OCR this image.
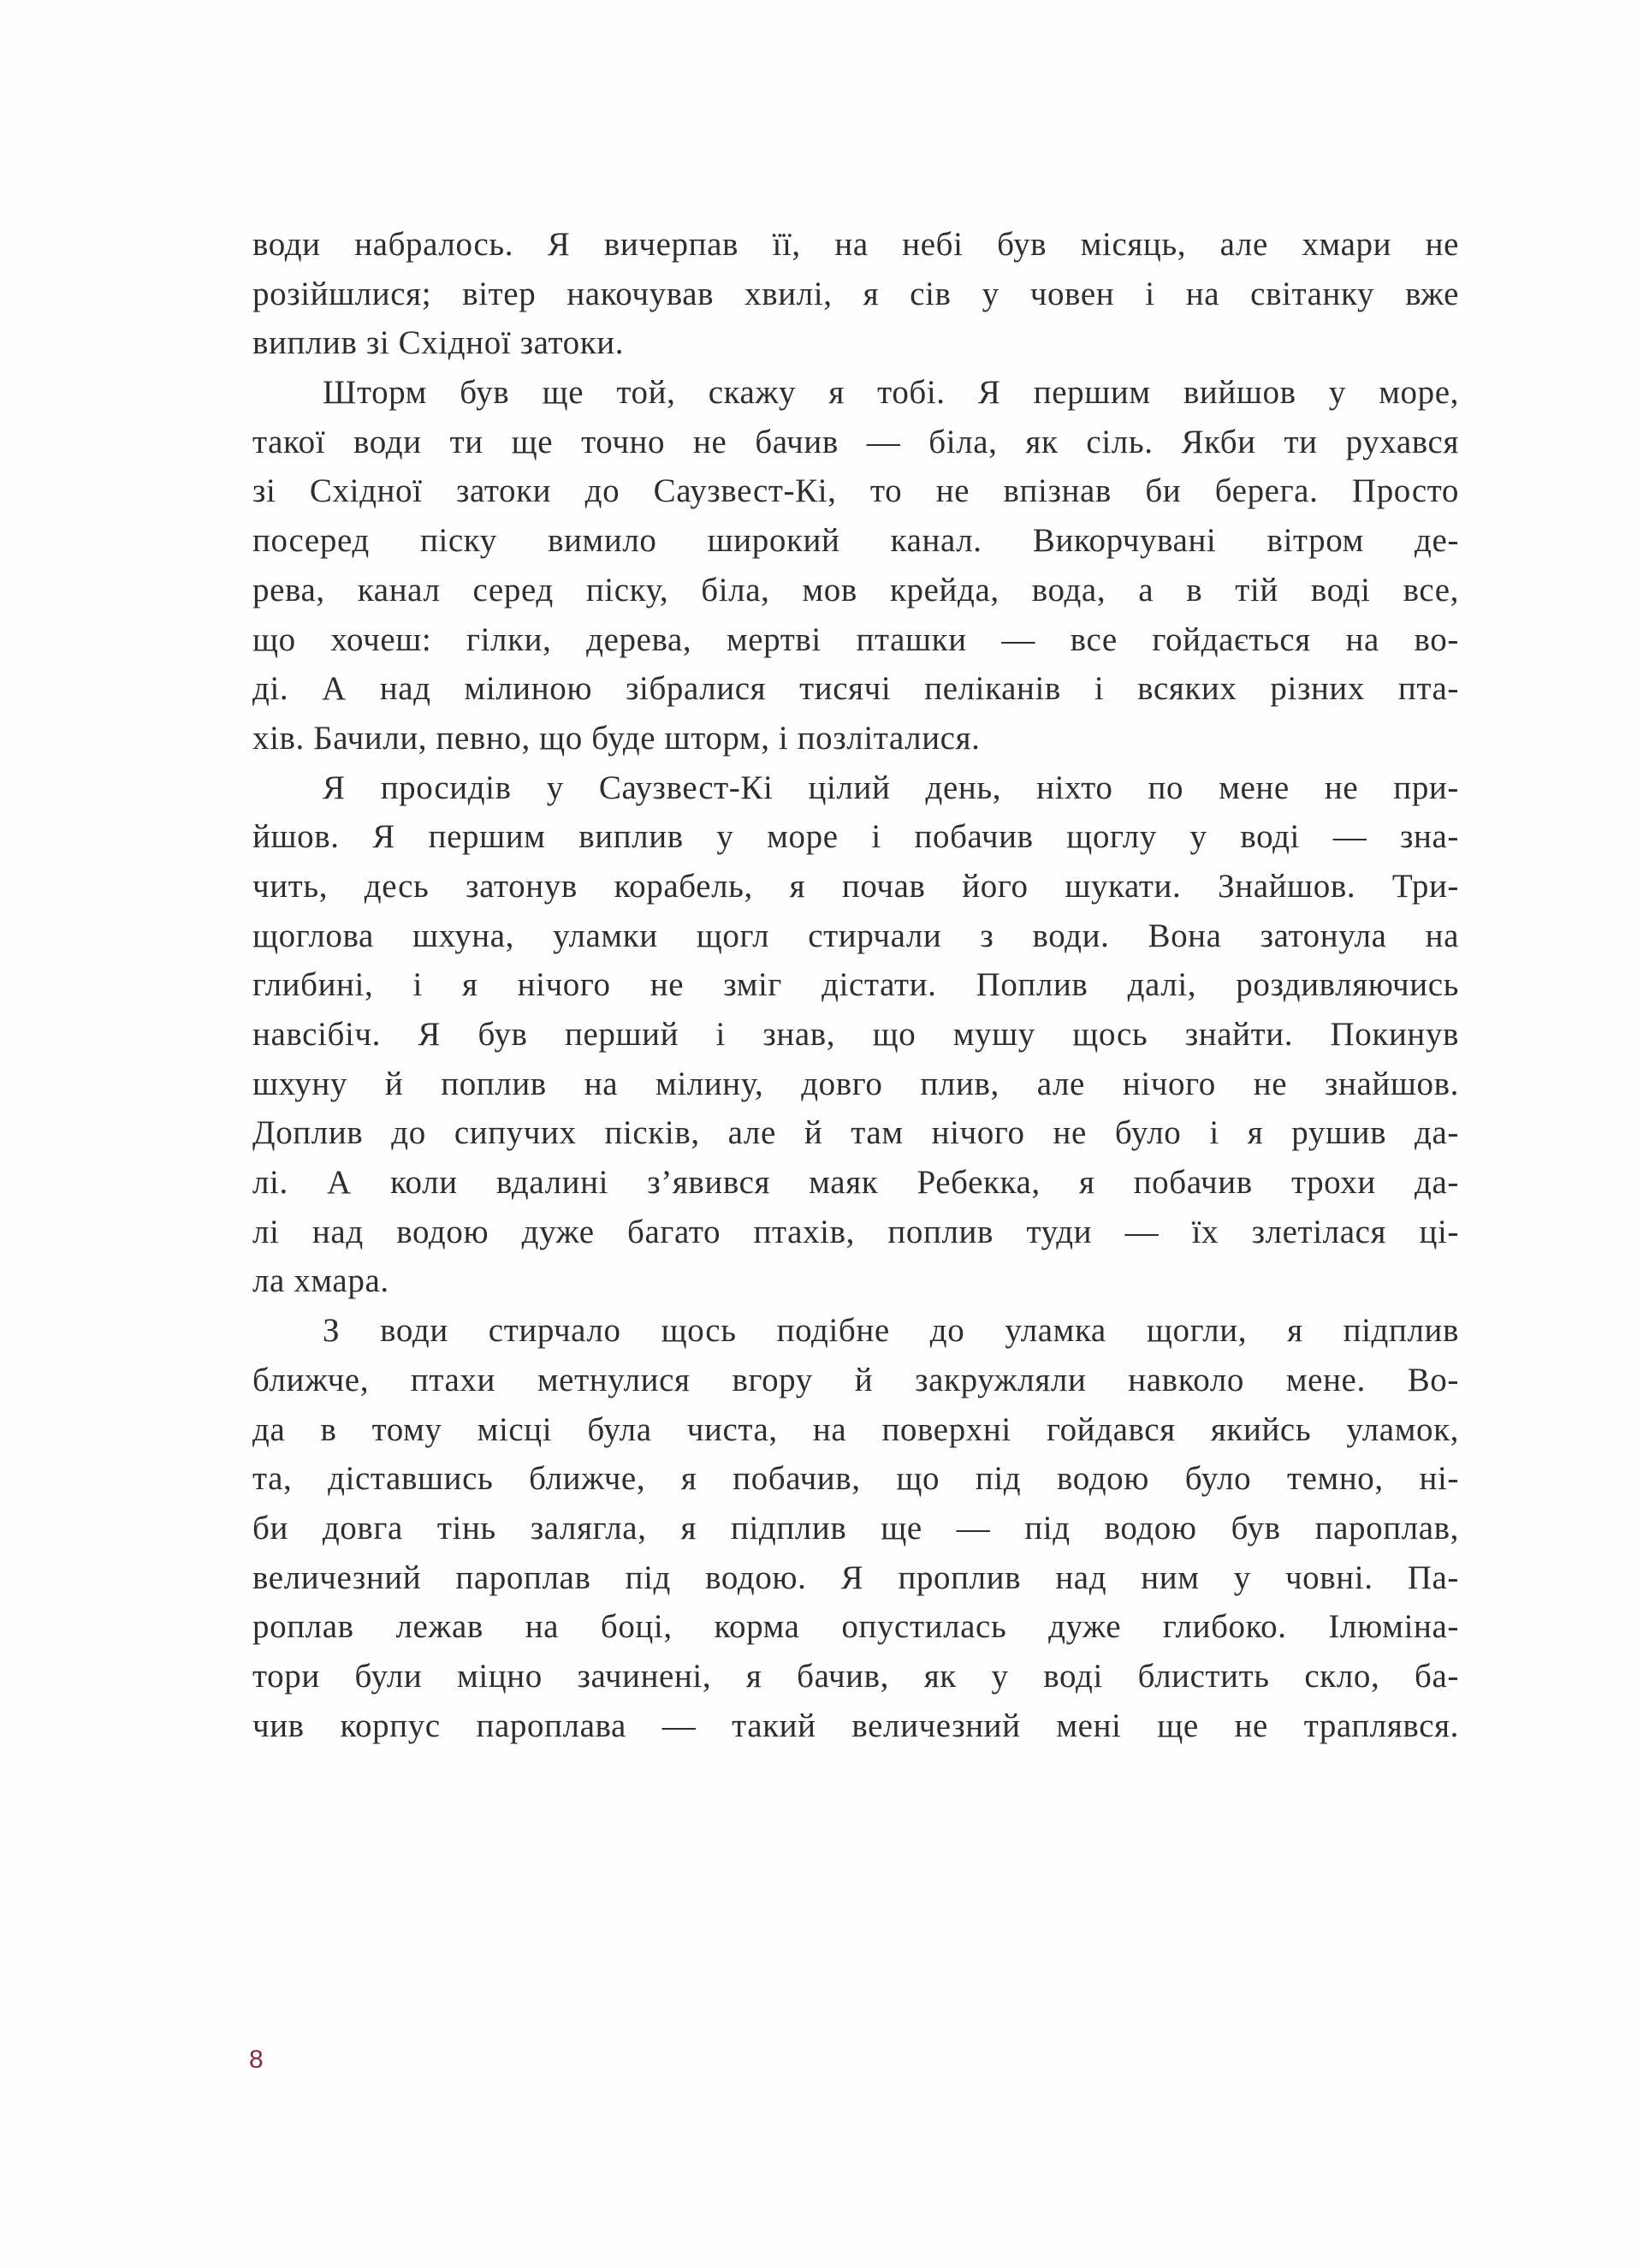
води набралось. Я вичерпав її, на небі був місяць, але хмари не
розійшлися; вітер накочував хвилі, я сів у човен і на світанку вже
виплив зі Східної затоки.
Шторм був ще той, скажу я тобі. Я першим вийшов у море,
такої води ти ще точно не бачив — біла, як сіль. Якби ти рухався
зі Східної затоки до Саузвест-Кі, то не впізнав би берега. Просто
посеред піску вимило широкий канал. Викорчувані вітром де-
рева, канал серед піску, біла, мов крейда, вода, а в тій воді все,
що хочеш: гілки, дерева, мертві пташки — все гойдається на во-
ді. А над мілиною зібралися тисячі пеліканів і всяких різних пта-
хів. Бачили, певно, що буде шторм, і позліталися.
Я просидів у Саузвест-Кі цілий день, ніхто по мене не при-
йшов. Я першим виплив у море і побачив щоглу у воді — зна-
чить, десь затонув корабель, я почав його шукати. Знайшов. Три-
щоглова шхуна, уламки щогл стирчали з води. Вона затонула на
глибині, і я нічого не зміг дістати. Поплив далі, роздивляючись
навсібіч. Я був перший і знав, що мушу щось знайти. Покинув
шхуну й поплив на мілину, довго плив, але нічого не знайшов.
Доплив до сипучих пісків, але й там нічого не було і я рушив да-
лі. А коли вдалині з’явився маяк Ребекка, я побачив трохи да-
лі над водою дуже багато птахів, поплив туди — їх злетілася ці-
ла хмара.
З води стирчало щось подібне до уламка щогли, я підплив
ближче, птахи метнулися вгору й закружляли навколо мене. Во-
да в тому місці була чиста, на поверхні гойдався якийсь уламок,
та, діставшись ближче, я побачив, що під водою було темно, ні-
би довга тінь залягла, я підплив ще — під водою був пароплав,
величезний пароплав під водою. Я проплив над ним у човні. Па-
роплав лежав на боці, корма опустилась дуже глибоко. Ілюміна-
тори були міцно зачинені, я бачив, як у воді блистить скло, ба-
чив корпус пароплава — такий величезний мені ще не траплявся.
8
